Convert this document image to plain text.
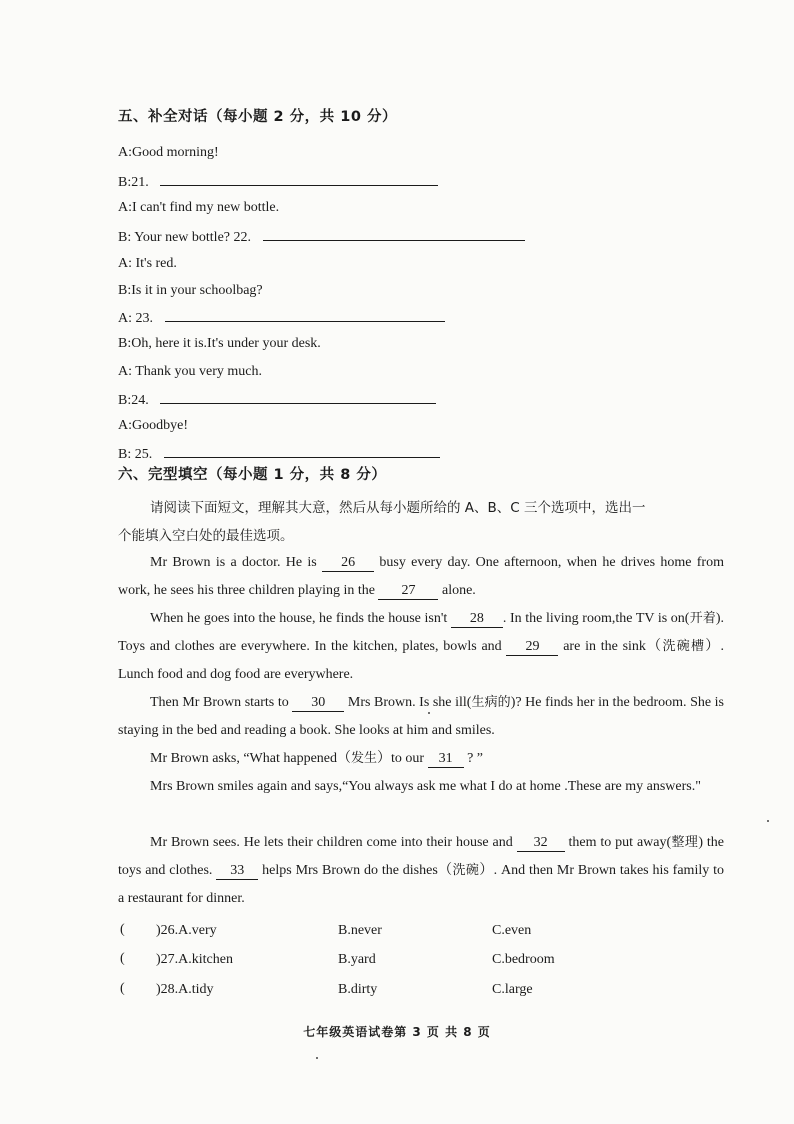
五、补全对话（每小题 2 分，共 10 分）
A:Good morning!
B:21.
A:I can't find my new bottle.
B: Your new bottle? 22.
A: It's red.
B:Is it in your schoolbag?
A: 23.
B:Oh, here it is.It's under your desk.
A: Thank you very much.
B:24.
A:Goodbye!
B: 25.
六、完型填空（每小题 1 分，共 8 分）
请阅读下面短文，理解其大意，然后从每小题所给的 A、B、C 三个选项中，选出一
个能填入空白处的最佳选项。
Mr Brown is a doctor. He is 26 busy every day. One afternoon, when he drives home from work, he sees his three children playing in the 27 alone.
When he goes into the house, he finds the house isn't 28 . In the living room,the TV is on(开着). Toys and clothes are everywhere. In the kitchen, plates, bowls and 29 are in the sink（洗碗槽）. Lunch food and dog food are everywhere.
Then Mr Brown starts to 30 Mrs Brown. Is she ill(生病的)? He finds her in the bedroom. She is staying in the bed and reading a book. She looks at him and smiles.
Mr Brown asks, “What happened（发生）to our 31 ? ”
Mrs Brown smiles again and says,“You always ask me what I do at home .These are my answers."
Mr Brown sees. He lets their children come into their house and 32 them to put away(整理) the toys and clothes. 33 helps Mrs Brown do the dishes（洗碗）. And then Mr Brown takes his family to a restaurant for dinner.
( )26.A.very	B.never	C.even
( )27.A.kitchen	B.yard	C.bedroom
( )28.A.tidy	B.dirty	C.large
七年级英语试卷第 3 页 共 8 页
